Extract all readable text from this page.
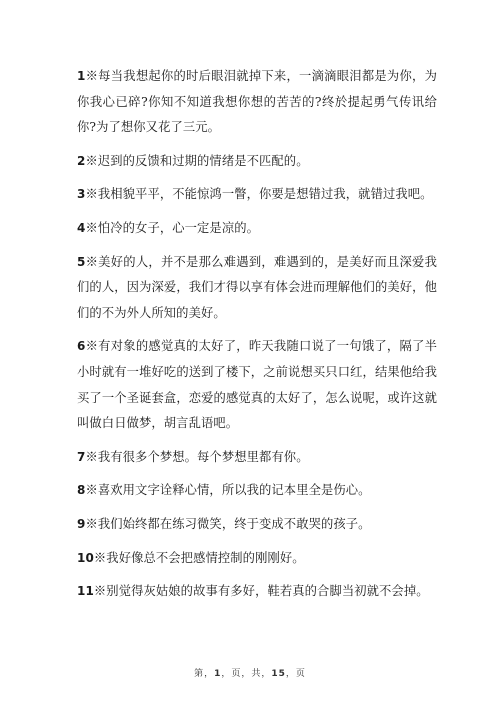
1※每当我想起你的时后眼泪就掉下来，一滴滴眼泪都是为你，为你我心已碎?你知不知道我想你想的苦苦的?终於提起勇气传讯给你?为了想你又花了三元。

2※迟到的反馈和过期的情绪是不匹配的。

3※我相貌平平，不能惊鸿一瞥，你要是想错过我，就错过我吧。

4※怕冷的女子，心一定是凉的。

5※美好的人，并不是那么难遇到，难遇到的，是美好而且深爱我们的人，因为深爱，我们才得以享有体会进而理解他们的美好，他们的不为外人所知的美好。

6※有对象的感觉真的太好了，昨天我随口说了一句饿了，隔了半小时就有一堆好吃的送到了楼下，之前说想买只口红，结果他给我买了一个圣诞套盒，恋爱的感觉真的太好了，怎么说呢，或许这就叫做白日做梦，胡言乱语吧。

7※我有很多个梦想。每个梦想里都有你。

8※喜欢用文字诠释心情，所以我的记本里全是伤心。

9※我们始终都在练习微笑，终于变成不敢哭的孩子。

10※我好像总不会把感情控制的刚刚好。

11※别觉得灰姑娘的故事有多好，鞋若真的合脚当初就不会掉。

第，1，页，共，15，页
